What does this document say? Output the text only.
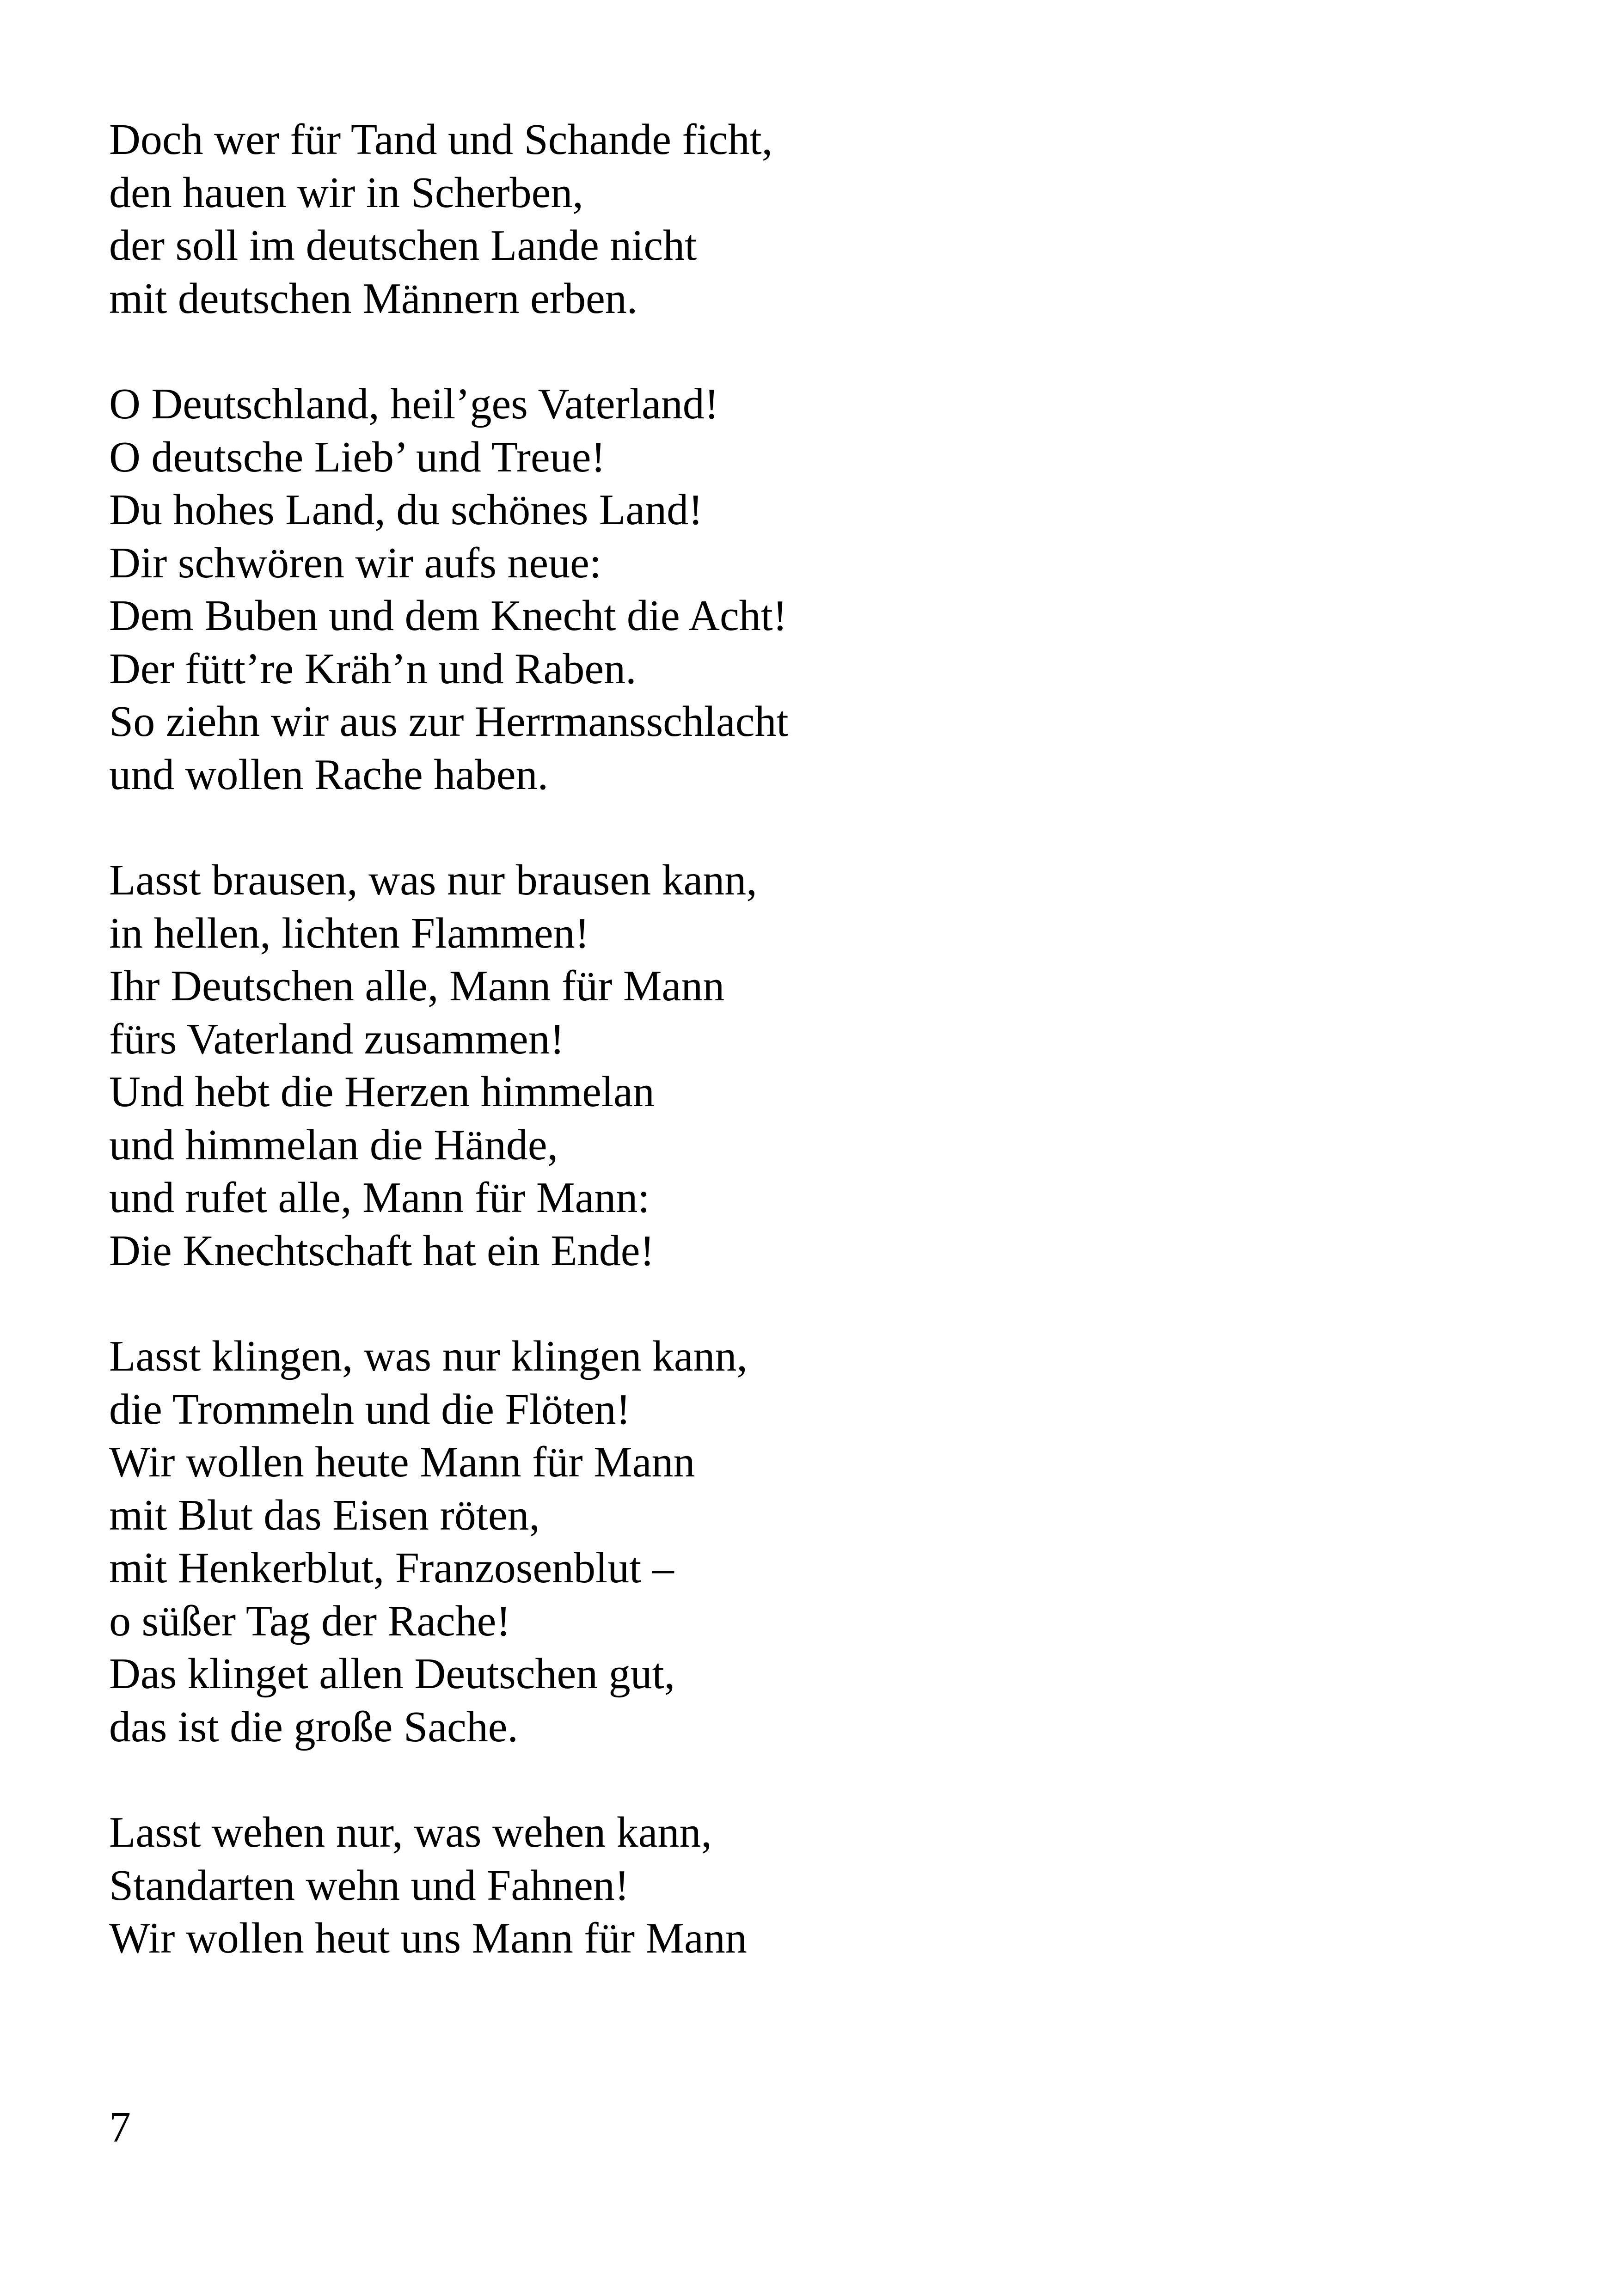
Doch wer für Tand und Schande ficht,
den hauen wir in Scherben,
der soll im deutschen Lande nicht
mit deutschen Männern erben.

O Deutschland, heil’ges Vaterland!
O deutsche Lieb’ und Treue!
Du hohes Land, du schönes Land!
Dir schwören wir aufs neue:
Dem Buben und dem Knecht die Acht!
Der fütt’re Kräh’n und Raben.
So ziehn wir aus zur Herrmansschlacht
und wollen Rache haben.

Lasst brausen, was nur brausen kann,
in hellen, lichten Flammen!
Ihr Deutschen alle, Mann für Mann
fürs Vaterland zusammen!
Und hebt die Herzen himmelan
und himmelan die Hände,
und rufet alle, Mann für Mann:
Die Knechtschaft hat ein Ende!

Lasst klingen, was nur klingen kann,
die Trommeln und die Flöten!
Wir wollen heute Mann für Mann
mit Blut das Eisen röten,
mit Henkerblut, Franzosenblut –
o süßer Tag der Rache!
Das klinget allen Deutschen gut,
das ist die große Sache.

Lasst wehen nur, was wehen kann,
Standarten wehn und Fahnen!
Wir wollen heut uns Mann für Mann

7
